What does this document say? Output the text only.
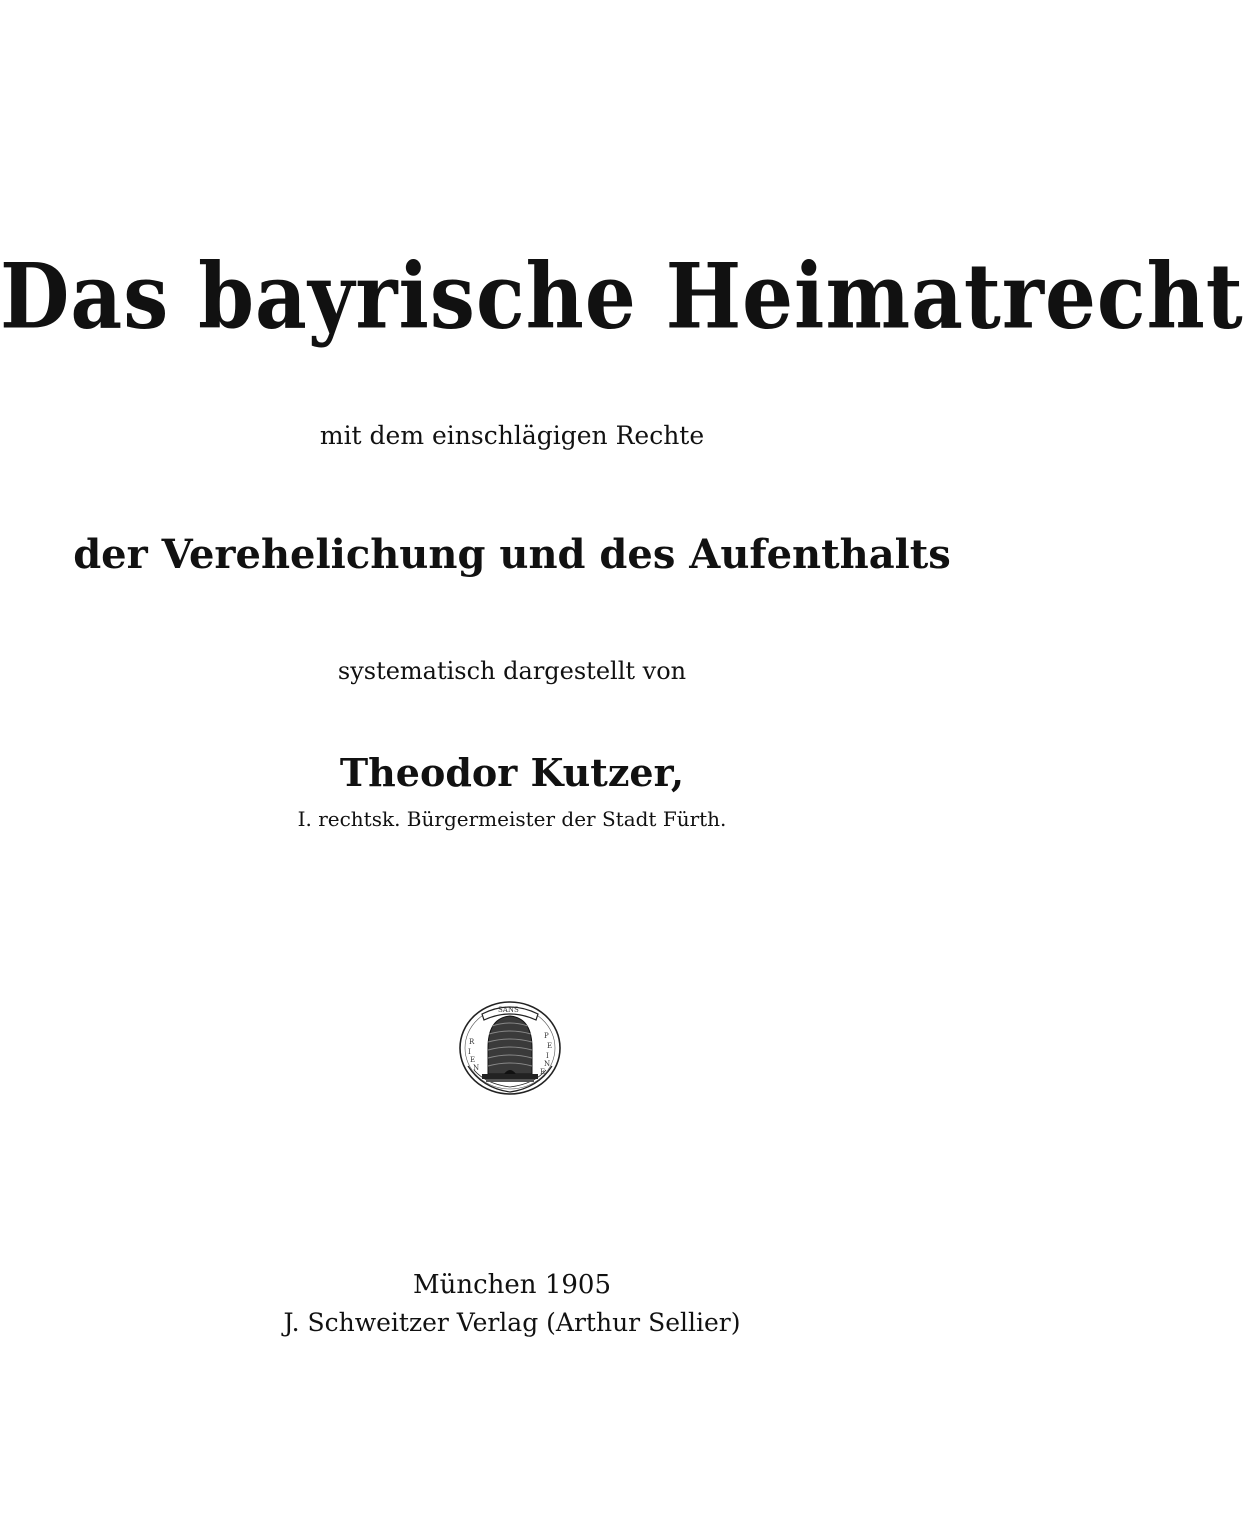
Das bayrische Heimatrecht
mit dem einschlägigen Rechte
der Verehelichung und des Aufenthalts
systematisch dargestellt von
Theodor Kutzer,
I. rechtsk. Bürgermeister der Stadt Fürth.
SANS
P
E
I
N
E
R
I
E
N
München 1905
J. Schweitzer Verlag (Arthur Sellier)
